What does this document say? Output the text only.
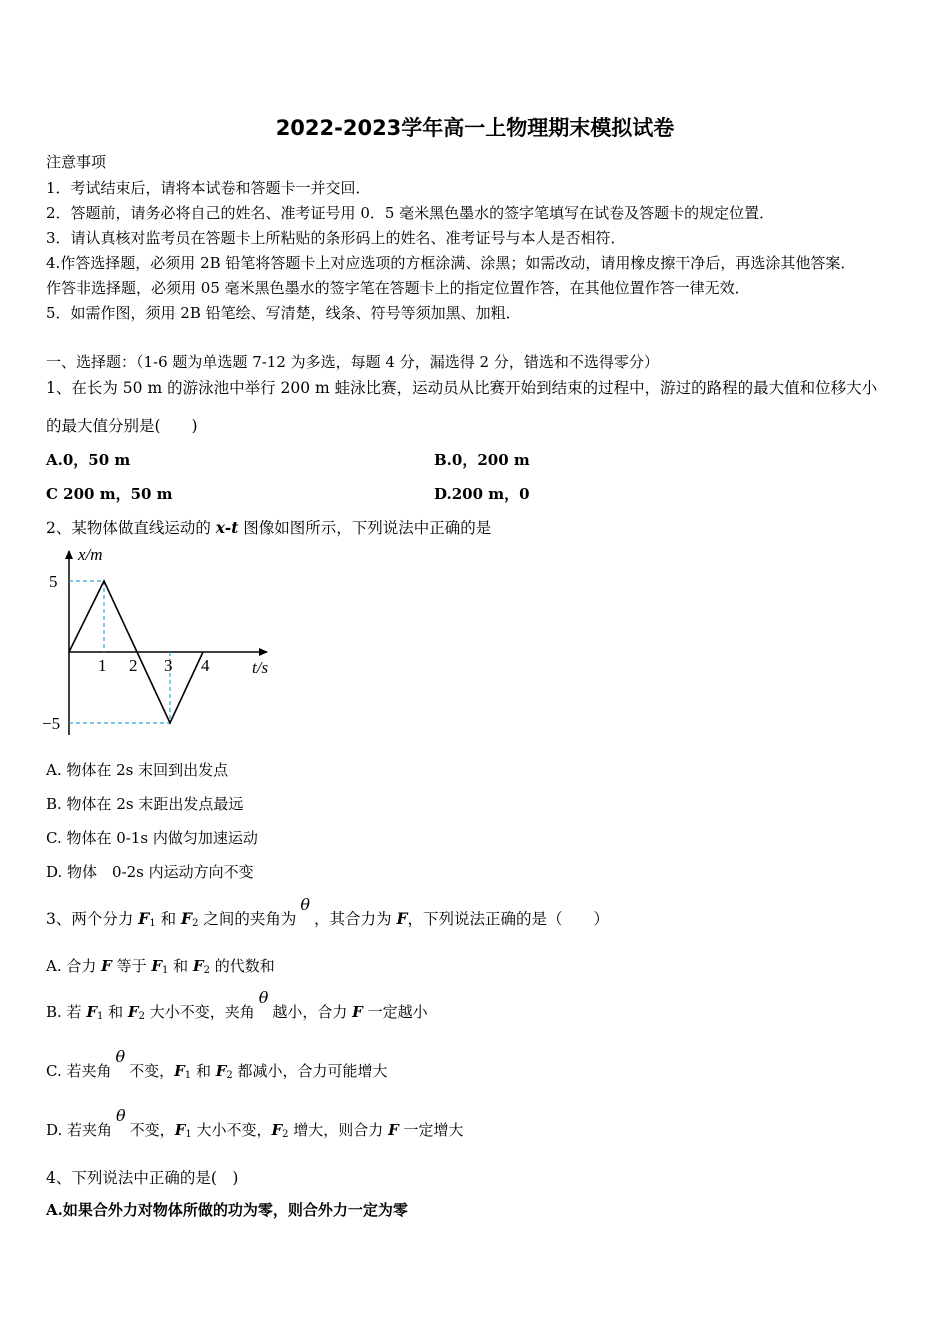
2022-2023学年高一上物理期末模拟试卷
注意事项
1．考试结束后，请将本试卷和答题卡一并交回．
2．答题前，请务必将自己的姓名、准考证号用 0．5 毫米黑色墨水的签字笔填写在试卷及答题卡的规定位置．
3．请认真核对监考员在答题卡上所粘贴的条形码上的姓名、准考证号与本人是否相符．
4.作答选择题，必须用 2B 铅笔将答题卡上对应选项的方框涂满、涂黑；如需改动，请用橡皮擦干净后，再选涂其他答案．
作答非选择题，必须用 05 毫米黑色墨水的签字笔在答题卡上的指定位置作答，在其他位置作答一律无效．
5．如需作图，须用 2B 铅笔绘、写清楚，线条、符号等须加黑、加粗．
一、选择题：（1-6 题为单选题 7-12 为多选，每题 4 分，漏选得 2 分，错选和不选得零分）
1、在长为 50 m 的游泳池中举行 200 m 蛙泳比赛，运动员从比赛开始到结束的过程中，游过的路程的最大值和位移大小
的最大值分别是(　　)
A.0，50 m	B.0，200 m
C 200 m，50 m	D.200 m，0
2、某物体做直线运动的 x-t 图像如图所示，下列说法中正确的是
x/m
5
−5
1 2 3 4	t/s
A. 物体在 2s 末回到出发点
B. 物体在 2s 末距出发点最远
C. 物体在 0-1s 内做匀加速运动
D. 物体　0-2s 内运动方向不变
3、两个分力 $F_1$ 和 $F_2$ 之间的夹角为θ，其合力为 F，下列说法正确的是（　　）
A. 合力 F 等于 $F_1$ 和 $F_2$ 的代数和
B. 若 $F_1$ 和 $F_2$ 大小不变，夹角θ越小，合力 F 一定越小
C. 若夹角θ不变，$F_1$ 和 $F_2$ 都减小，合力可能增大
D. 若夹角θ不变，$F_1$ 大小不变，$F_2$ 增大，则合力 F 一定增大
4、下列说法中正确的是(　)
A.如果合外力对物体所做的功为零，则合外力一定为零
